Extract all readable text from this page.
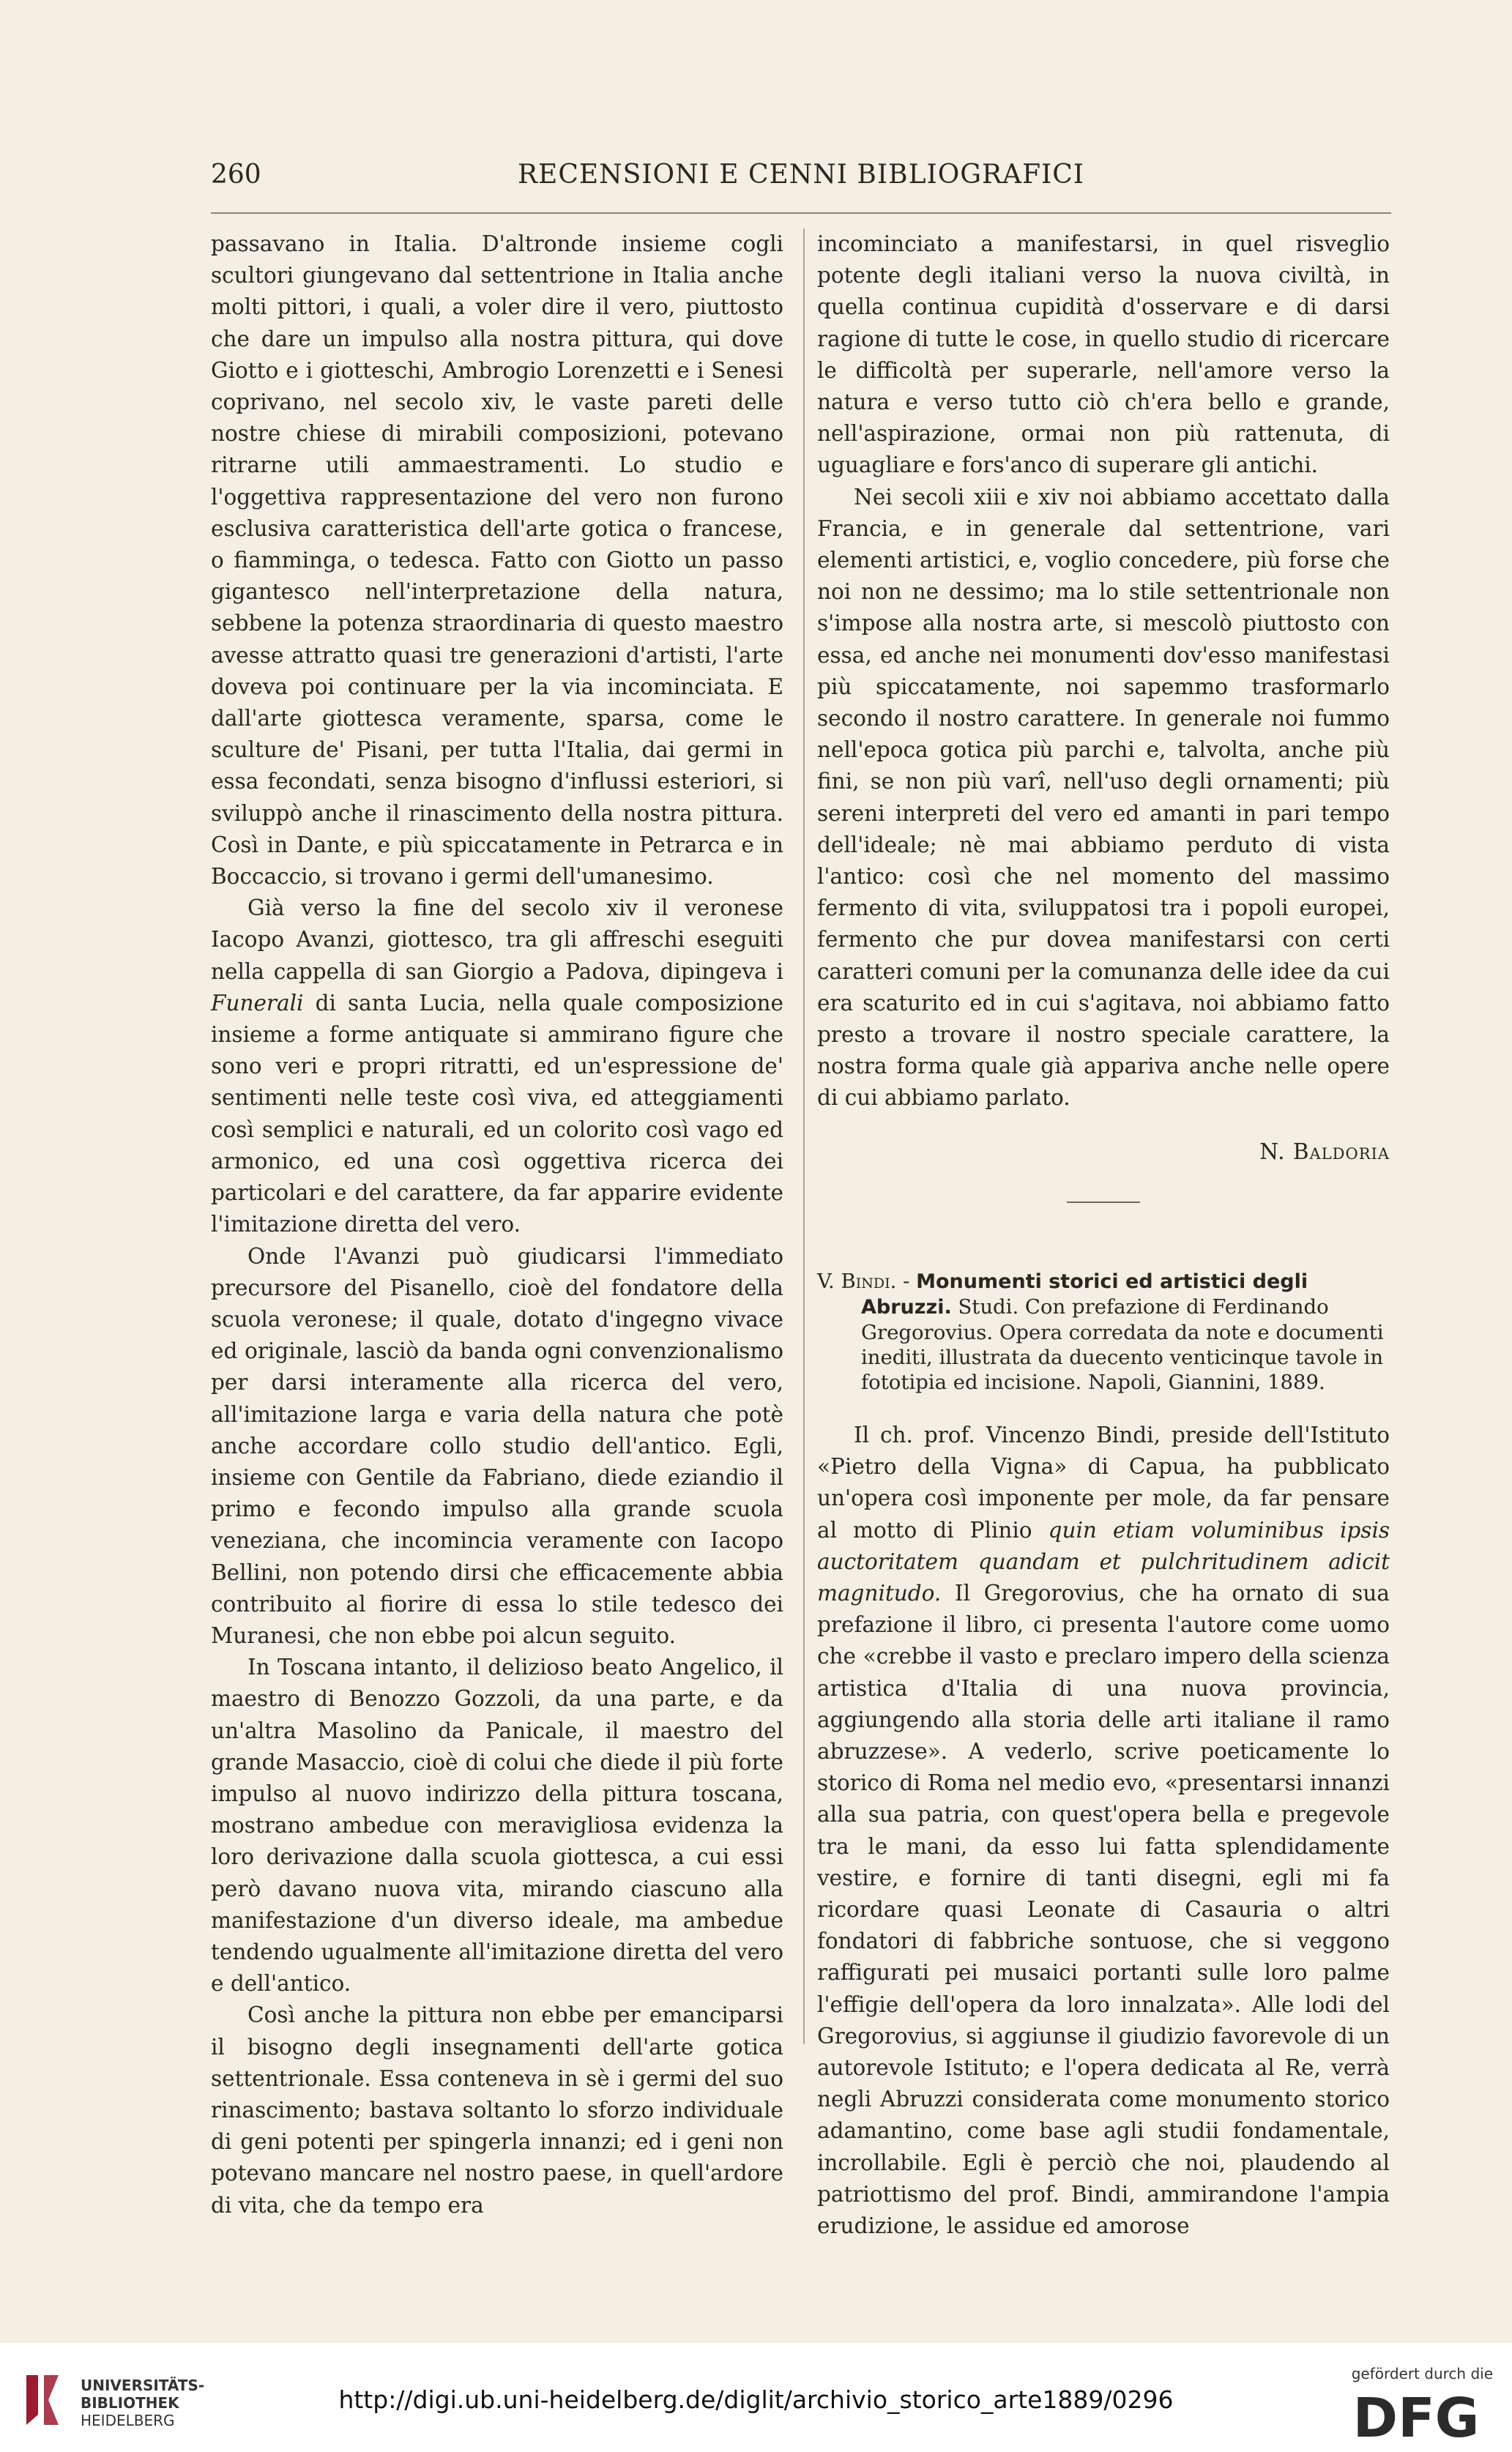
260	RECENSIONI E CENNI BIBLIOGRAFICI

passavano in Italia. D'altronde insieme cogli scultori giungevano dal settentrione in Italia anche molti pittori, i quali, a voler dire il vero, piuttosto che dare un impulso alla nostra pittura, qui dove Giotto e i giotteschi, Ambrogio Lorenzetti e i Senesi coprivano, nel secolo xiv, le vaste pareti delle nostre chiese di mirabili composizioni, potevano ritrarne utili ammaestramenti. Lo studio e l'oggettiva rappresentazione del vero non furono esclusiva caratteristica dell'arte gotica o francese, o fiamminga, o tedesca. Fatto con Giotto un passo gigantesco nell'interpretazione della natura, sebbene la potenza straordinaria di questo maestro avesse attratto quasi tre generazioni d'artisti, l'arte doveva poi continuare per la via incominciata. E dall'arte giottesca veramente, sparsa, come le sculture de' Pisani, per tutta l'Italia, dai germi in essa fecondati, senza bisogno d'influssi esteriori, si sviluppò anche il rinascimento della nostra pittura. Così in Dante, e più spiccatamente in Petrarca e in Boccaccio, si trovano i germi dell'umanesimo.

Già verso la fine del secolo xiv il veronese Iacopo Avanzi, giottesco, tra gli affreschi eseguiti nella cappella di san Giorgio a Padova, dipingeva i Funerali di santa Lucia, nella quale composizione insieme a forme antiquate si ammirano figure che sono veri e propri ritratti, ed un'espressione de' sentimenti nelle teste così viva, ed atteggiamenti così semplici e naturali, ed un colorito così vago ed armonico, ed una così oggettiva ricerca dei particolari e del carattere, da far apparire evidente l'imitazione diretta del vero.

Onde l'Avanzi può giudicarsi l'immediato precursore del Pisanello, cioè del fondatore della scuola veronese; il quale, dotato d'ingegno vivace ed originale, lasciò da banda ogni convenzionalismo per darsi interamente alla ricerca del vero, all'imitazione larga e varia della natura che potè anche accordare collo studio dell'antico. Egli, insieme con Gentile da Fabriano, diede eziandio il primo e fecondo impulso alla grande scuola veneziana, che incomincia veramente con Iacopo Bellini, non potendo dirsi che efficacemente abbia contribuito al fiorire di essa lo stile tedesco dei Muranesi, che non ebbe poi alcun seguito.

In Toscana intanto, il delizioso beato Angelico, il maestro di Benozzo Gozzoli, da una parte, e da un'altra Masolino da Panicale, il maestro del grande Masaccio, cioè di colui che diede il più forte impulso al nuovo indirizzo della pittura toscana, mostrano ambedue con meravigliosa evidenza la loro derivazione dalla scuola giottesca, a cui essi però davano nuova vita, mirando ciascuno alla manifestazione d'un diverso ideale, ma ambedue tendendo ugualmente all'imitazione diretta del vero e dell'antico.

Così anche la pittura non ebbe per emanciparsi il bisogno degli insegnamenti dell'arte gotica settentrionale. Essa conteneva in sè i germi del suo rinascimento; bastava soltanto lo sforzo individuale di geni potenti per spingerla innanzi; ed i geni non potevano mancare nel nostro paese, in quell'ardore di vita, che da tempo era

incominciato a manifestarsi, in quel risveglio potente degli italiani verso la nuova civiltà, in quella continua cupidità d'osservare e di darsi ragione di tutte le cose, in quello studio di ricercare le difficoltà per superarle, nell'amore verso la natura e verso tutto ciò ch'era bello e grande, nell'aspirazione, ormai non più rattenuta, di uguagliare e fors'anco di superare gli antichi.

Nei secoli xiii e xiv noi abbiamo accettato dalla Francia, e in generale dal settentrione, vari elementi artistici, e, voglio concedere, più forse che noi non ne dessimo; ma lo stile settentrionale non s'impose alla nostra arte, si mescolò piuttosto con essa, ed anche nei monumenti dov'esso manifestasi più spiccatamente, noi sapemmo trasformarlo secondo il nostro carattere. In generale noi fummo nell'epoca gotica più parchi e, talvolta, anche più fini, se non più varî, nell'uso degli ornamenti; più sereni interpreti del vero ed amanti in pari tempo dell'ideale; nè mai abbiamo perduto di vista l'antico: così che nel momento del massimo fermento di vita, sviluppatosi tra i popoli europei, fermento che pur dovea manifestarsi con certi caratteri comuni per la comunanza delle idee da cui era scaturito ed in cui s'agitava, noi abbiamo fatto presto a trovare il nostro speciale carattere, la nostra forma quale già appariva anche nelle opere di cui abbiamo parlato.

N. Baldoria

V. Bindi. - Monumenti storici ed artistici degli Abruzzi. Studi. Con prefazione di Ferdinando Gregorovius. Opera corredata da note e documenti inediti, illustrata da duecento venticinque tavole in fototipia ed incisione. Napoli, Giannini, 1889.

Il ch. prof. Vincenzo Bindi, preside dell'Istituto «Pietro della Vigna» di Capua, ha pubblicato un'opera così imponente per mole, da far pensare al motto di Plinio quin etiam voluminibus ipsis auctoritatem quandam et pulchritudinem adicit magnitudo. Il Gregorovius, che ha ornato di sua prefazione il libro, ci presenta l'autore come uomo che «crebbe il vasto e preclaro impero della scienza artistica d'Italia di una nuova provincia, aggiungendo alla storia delle arti italiane il ramo abruzzese». A vederlo, scrive poeticamente lo storico di Roma nel medio evo, «presentarsi innanzi alla sua patria, con quest'opera bella e pregevole tra le mani, da esso lui fatta splendidamente vestire, e fornire di tanti disegni, egli mi fa ricordare quasi Leonate di Casauria o altri fondatori di fabbriche sontuose, che si veggono raffigurati pei musaici portanti sulle loro palme l'effigie dell'opera da loro innalzata». Alle lodi del Gregorovius, si aggiunse il giudizio favorevole di un autorevole Istituto; e l'opera dedicata al Re, verrà negli Abruzzi considerata come monumento storico adamantino, come base agli studii fondamentale, incrollabile. Egli è perciò che noi, plaudendo al patriottismo del prof. Bindi, ammirandone l'ampia erudizione, le assidue ed amorose

UNIVERSITÄTS-
BIBLIOTHEK
HEIDELBERG
http://digi.ub.uni-heidelberg.de/diglit/archivio_storico_arte1889/0296
gefördert durch die
DFG
